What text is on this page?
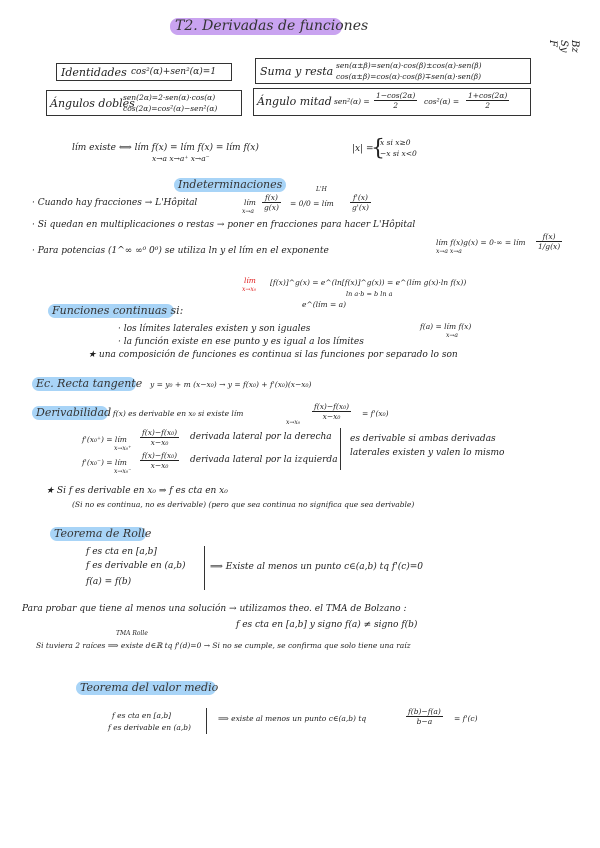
T2. Derivadas de funciones
Bz Sy F
Identidades cos²(α)+sen²(α)=1	Suma y resta sen(α±β)=sen(α)·cos(β)±cos(α)·sen(β)
cos(α±β)=cos(α)·cos(β)∓sen(α)·sen(β)
Ángulos dobles
sen(2α)=2·sen(α)·cos(α)
cos(2α)=cos²(α)−sen²(α)
Ángulo mitad $sen^2(\alpha) = \frac{1-\cos(2\alpha)}{2} \cos^2(\alpha) = \frac{1+\cos(2\alpha)}{2}$
lím existe ⟺ lím f(x) = lím f(x) = lím f(x)
x→a x→a⁺ x→a⁻
|x| =
{
x si x≥0
−x si x<0
Indeterminaciones
· Cuando hay fracciones → L'Hôpital	lím
$x\to a \frac{f(x)}{g(x)} = 0/0$ = lím
L'H
$\frac{f'(x)}{g'(x)}$
· Si quedan en multiplicaciones o restas → poner en fracciones para hacer L'Hôpital
lím f(x)g(x) = 0·∞ = lím
x→a x→a
$\frac{f(x)}{1/g(x)}$
· Para potencias (1^∞ ∞⁰ 0⁰) se utiliza ln y el lím en el exponente
lím
x→x₀
[f(x)]^g(x) = e^(ln[f(x)]^g(x)) = e^(lím g(x)·ln f(x))
e^(lím = a)
ln a·b = b ln a
Funciones continuas si:
· los límites laterales existen y son iguales	f(a) = lím f(x)
x→a
· la función existe en ese punto y es igual a los límites
★ una composición de funciones es continua si las funciones por separado lo son
Ec. Recta tangente y = y₀ + m (x−x₀) → y = f(x₀) + f'(x₀)(x−x₀)
Derivabilidad
: f(x) es derivable en x₀ si existe lím
x→x₀
$\frac{\text{f(x)−f(x₀)}}{\text{x−x₀}} = f'(x_0)$
f'(x₀⁺) = lím
x→x₀⁺
$\frac{\text{f(x)−f(x₀)}}{\text{x−x₀}}$ derivada lateral por la derecha
f'(x₀⁻) = lím
x→x₀⁻
$\frac{\text{f(x)−f(x₀)}}{\text{x−x₀}}$ derivada lateral por la izquierda
es derivable si ambas derivadas
laterales existen y valen lo mismo
★ Si f es derivable en x₀ ⇒ f es cta en x₀
(Si no es continua, no es derivable) (pero que sea continua no significa que sea derivable)
Teorema de Rolle
f es cta en [a,b]
f es derivable en (a,b)
f(a) = f(b)
⟹ Existe al menos un punto c∈(a,b) tq f'(c)=0
Para probar que tiene al menos una solución → utilizamos theo. el TMA de Bolzano :
f es cta en [a,b] y signo f(a) ≠ signo f(b)
TMA Rolle
Si tuviera 2 raíces ⟹ existe d∈ℝ tq f'(d)=0 → Si no se cumple, se confirma que solo tiene una raíz
Teorema del valor medio
f es cta en [a,b]
f es derivable en (a,b)
⟹ existe al menos un punto c∈(a,b) tq	$\frac{f(b)-f(a)}{b-a} = f'(c)$
